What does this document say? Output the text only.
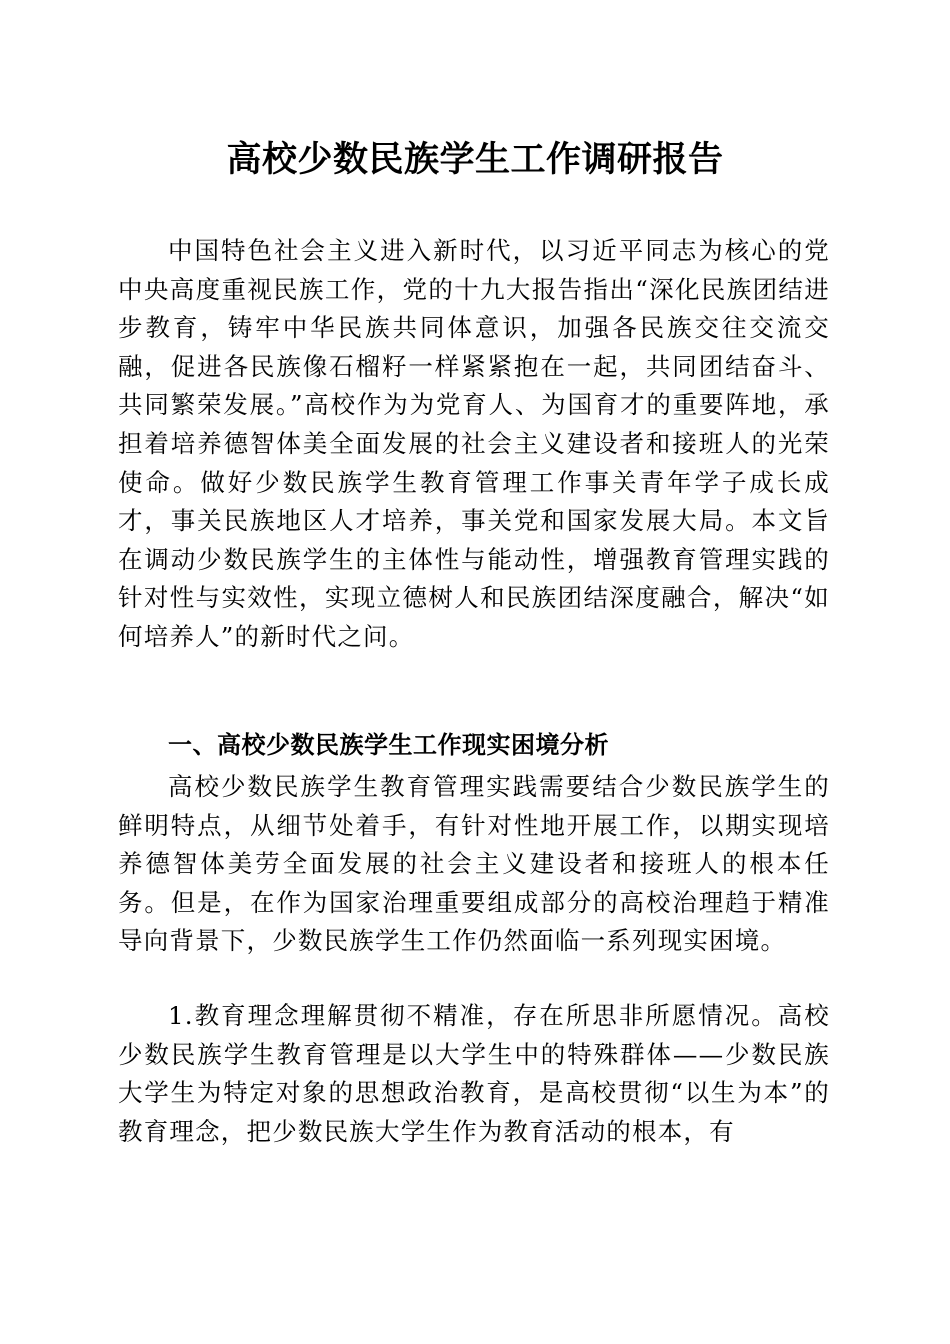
高校少数民族学生工作调研报告

中国特色社会主义进入新时代，以习近平同志为核心的党中央高度重视民族工作，党的十九大报告指出“深化民族团结进步教育，铸牢中华民族共同体意识，加强各民族交往交流交融，促进各民族像石榴籽一样紧紧抱在一起，共同团结奋斗、共同繁荣发展。”高校作为为党育人、为国育才的重要阵地，承担着培养德智体美全面发展的社会主义建设者和接班人的光荣使命。做好少数民族学生教育管理工作事关青年学子成长成才，事关民族地区人才培养，事关党和国家发展大局。本文旨在调动少数民族学生的主体性与能动性，增强教育管理实践的针对性与实效性，实现立德树人和民族团结深度融合，解决“如何培养人”的新时代之问。

一、高校少数民族学生工作现实困境分析

高校少数民族学生教育管理实践需要结合少数民族学生的鲜明特点，从细节处着手，有针对性地开展工作，以期实现培养德智体美劳全面发展的社会主义建设者和接班人的根本任务。但是，在作为国家治理重要组成部分的高校治理趋于精准导向背景下，少数民族学生工作仍然面临一系列现实困境。

1.教育理念理解贯彻不精准，存在所思非所愿情况。高校少数民族学生教育管理是以大学生中的特殊群体——少数民族大学生为特定对象的思想政治教育，是高校贯彻“以生为本”的教育理念，把少数民族大学生作为教育活动的根本，有
